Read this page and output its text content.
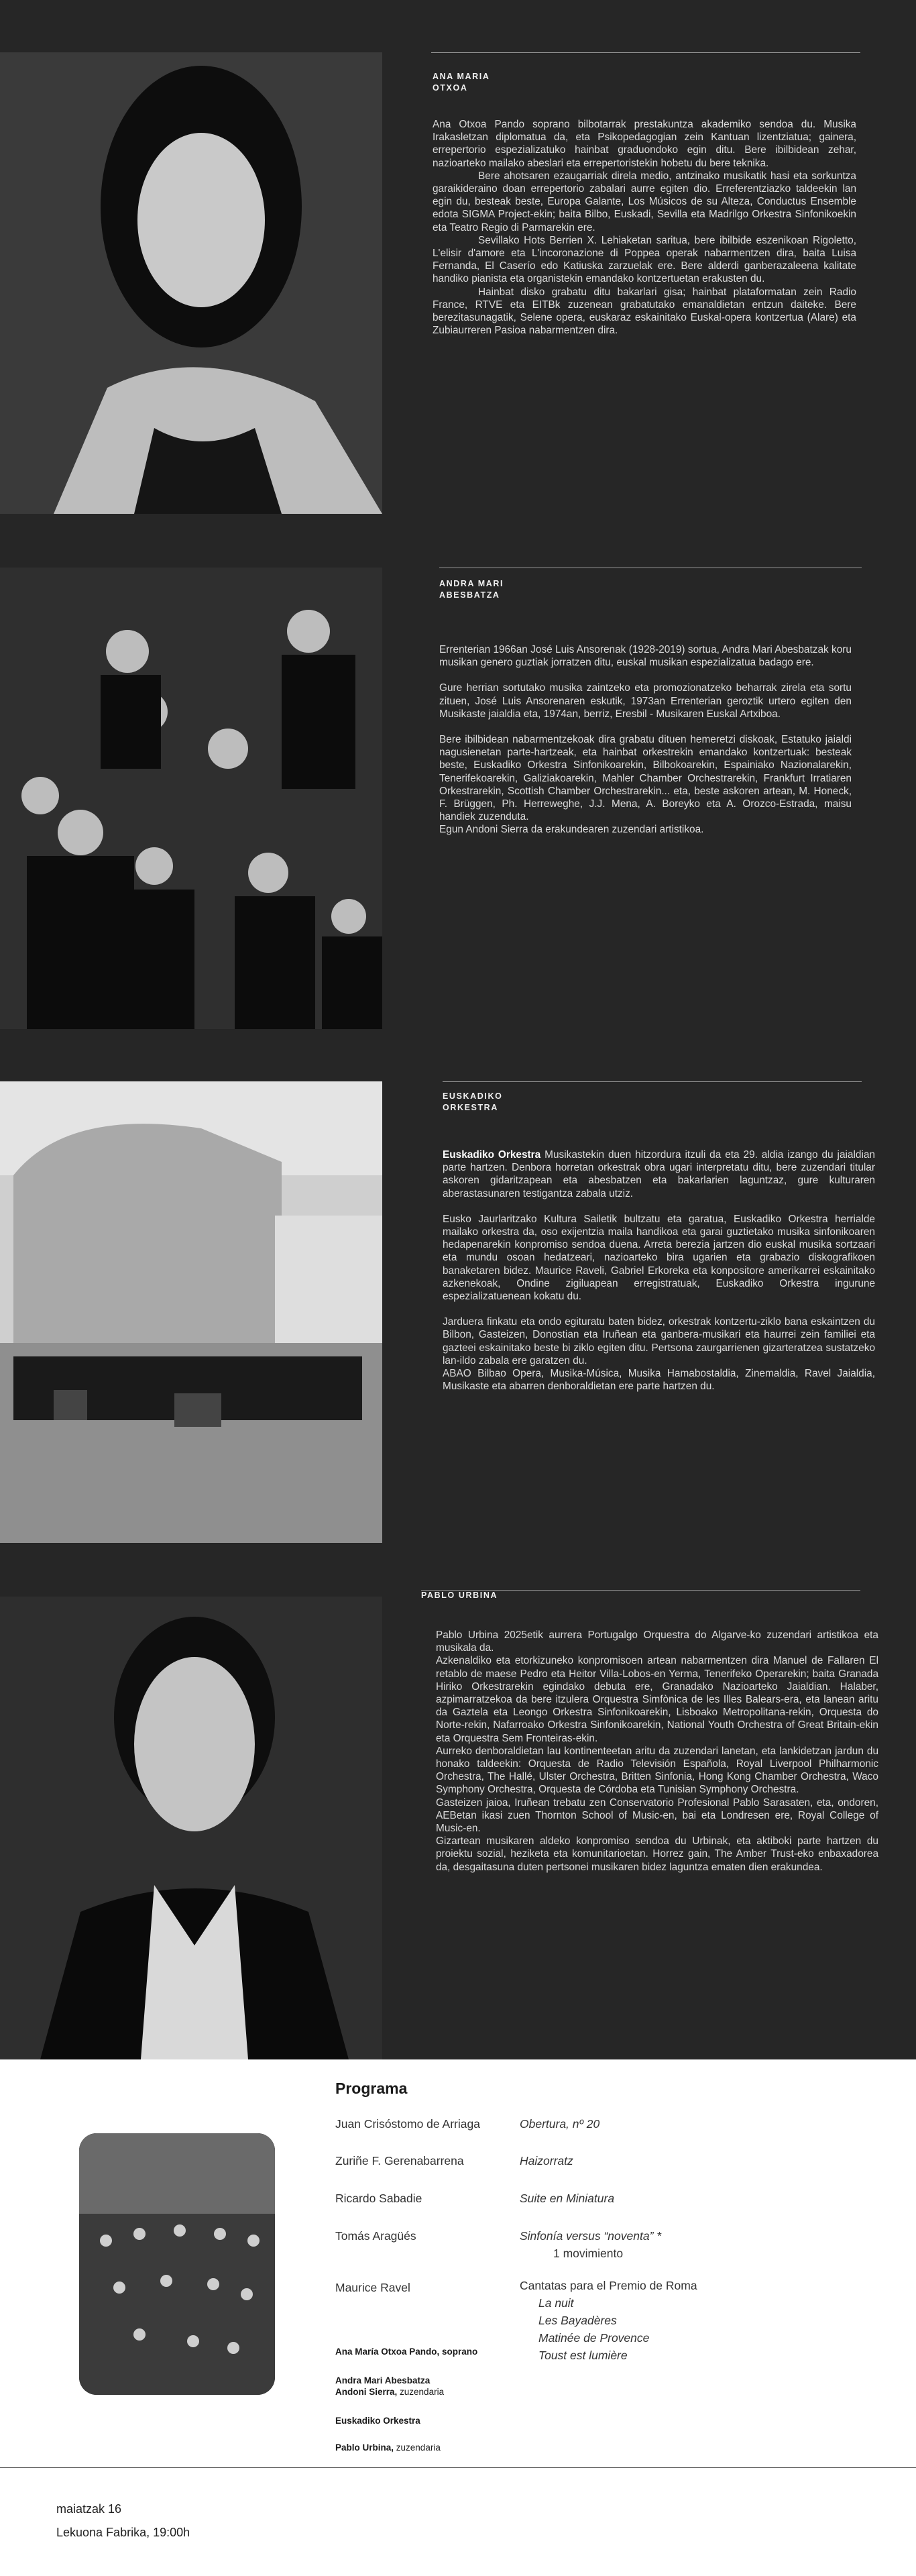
ANA MARIA
OTXOA

Ana Otxoa Pando soprano bilbotarrak prestakuntza akademiko sendoa du. Musika Irakasletzan diplomatua da, eta Psikopedagogian zein Kantuan lizentziatua; gainera, errepertorio espezializatuko hainbat graduondoko egin ditu. Bere ibilbidean zehar, nazioarteko mailako abeslari eta errepertoristekin hobetu du bere teknika.

Bere ahotsaren ezaugarriak direla medio, antzinako musikatik hasi eta sorkuntza garaikideraino doan errepertorio zabalari aurre egiten dio. Erreferentziazko taldeekin lan egin du, besteak beste, Europa Galante, Los Músicos de su Alteza, Conductus Ensemble edota SIGMA Project-ekin; baita Bilbo, Euskadi, Sevilla eta Madrilgo Orkestra Sinfonikoekin eta Teatro Regio di Parmarekin ere.

Sevillako Hots Berrien X. Lehiaketan saritua, bere ibilbide eszenikoan Rigoletto, L'elisir d'amore eta L'incoronazione di Poppea operak nabarmentzen dira, baita Luisa Fernanda, El Caserío edo Katiuska zarzuelak ere. Bere alderdi ganberazaleena kalitate handiko pianista eta organistekin emandako kontzertuetan erakusten du.

Hainbat disko grabatu ditu bakarlari gisa; hainbat plataformatan zein Radio France, RTVE eta EITBk zuzenean grabatutako emanaldietan entzun daiteke. Bere berezitasunagatik, Selene opera, euskaraz eskainitako Euskal-opera kontzertua (Alare) eta Zubiaurreren Pasioa nabarmentzen dira.

ANDRA MARI
ABESBATZA

Errenterian 1966an José Luis Ansorenak (1928-2019) sortua, Andra Mari Abesbatzak koru musikan genero guztiak jorratzen ditu, euskal musikan espezializatua badago ere.

Gure herrian sortutako musika zaintzeko eta promozionatzeko beharrak zirela eta sortu zituen, José Luis Ansorenaren eskutik, 1973an Errenterian geroztik urtero egiten den Musikaste jaialdia eta, 1974an, berriz, Eresbil - Musikaren Euskal Artxiboa.

Bere ibilbidean nabarmentzekoak dira grabatu dituen hemeretzi diskoak, Estatuko jaialdi nagusienetan parte-hartzeak, eta hainbat orkestrekin emandako kontzertuak: besteak beste, Euskadiko Orkestra Sinfonikoarekin, Bilbokoarekin, Espainiako Nazionalarekin, Tenerifekoarekin, Galiziakoarekin, Mahler Chamber Orchestrarekin, Frankfurt Irratiaren Orkestrarekin, Scottish Chamber Orchestrarekin... eta, beste askoren artean, M. Honeck, F. Brüggen, Ph. Herreweghe, J.J. Mena, A. Boreyko eta A. Orozco-Estrada, maisu handiek zuzenduta.

Egun Andoni Sierra da erakundearen zuzendari artistikoa.

EUSKADIKO
ORKESTRA

Euskadiko Orkestra Musikastekin duen hitzordura itzuli da eta 29. aldia izango du jaialdian parte hartzen. Denbora horretan orkestrak obra ugari interpretatu ditu, bere zuzendari titular askoren gidaritzapean eta abesbatzen eta bakarlarien laguntzaz, gure kulturaren aberastasunaren testigantza zabala utziz.

Eusko Jaurlaritzako Kultura Sailetik bultzatu eta garatua, Euskadiko Orkestra herrialde mailako orkestra da, oso exijentzia maila handikoa eta garai guztietako musika sinfonikoaren hedapenarekin konpromiso sendoa duena. Arreta berezia jartzen dio euskal musika sortzaari eta mundu osoan hedatzeari, nazioarteko bira ugarien eta grabazio diskografikoen banaketaren bidez. Maurice Raveli, Gabriel Erkoreka eta konpositore amerikarrei eskainitako azkenekoak, Ondine zigiluapean erregistratuak, Euskadiko Orkestra ingurune espezializatuenean kokatu du.

Jarduera finkatu eta ondo egituratu baten bidez, orkestrak kontzertu-ziklo bana eskaintzen du Bilbon, Gasteizen, Donostian eta Iruñean eta ganbera-musikari eta haurrei zein familiei eta gazteei eskainitako beste bi ziklo egiten ditu. Pertsona zaurgarrienen gizarteratzea sustatzeko lan-ildo zabala ere garatzen du.

ABAO Bilbao Opera, Musika-Música, Musika Hamabostaldia, Zinemaldia, Ravel Jaialdia, Musikaste eta abarren denboraldietan ere parte hartzen du.

PABLO URBINA

Pablo Urbina 2025etik aurrera Portugalgo Orquestra do Algarve-ko zuzendari artistikoa eta musikala da.

Azkenaldiko eta etorkizuneko konpromisoen artean nabarmentzen dira Manuel de Fallaren El retablo de maese Pedro eta Heitor Villa-Lobos-en Yerma, Tenerifeko Operarekin; baita Granada Hiriko Orkestrarekin egindako debuta ere, Granadako Nazioarteko Jaialdian. Halaber, azpimarratzekoa da bere itzulera Orquestra Simfònica de les Illes Balears-era, eta lanean aritu da Gaztela eta Leongo Orkestra Sinfonikoarekin, Lisboako Metropolitana-rekin, Orquesta do Norte-rekin, Nafarroako Orkestra Sinfonikoarekin, National Youth Orchestra of Great Britain-ekin eta Orquestra Sem Fronteiras-ekin.

Aurreko denboraldietan lau kontinenteetan aritu da zuzendari lanetan, eta lankidetzan jardun du honako taldeekin: Orquesta de Radio Televisión Española, Royal Liverpool Philharmonic Orchestra, The Hallé, Ulster Orchestra, Britten Sinfonia, Hong Kong Chamber Orchestra, Waco Symphony Orchestra, Orquesta de Córdoba eta Tunisian Symphony Orchestra.

Gasteizen jaioa, Iruñean trebatu zen Conservatorio Profesional Pablo Sarasaten, eta, ondoren, AEBetan ikasi zuen Thornton School of Music-en, bai eta Londresen ere, Royal College of Music-en.

Gizartean musikaren aldeko konpromiso sendoa du Urbinak, eta aktiboki parte hartzen du proiektu sozial, heziketa eta komunitarioetan. Horrez gain, The Amber Trust-eko enbaxadorea da, desgaitasuna duten pertsonei musikaren bidez laguntza ematen dien erakundea.

Programa
Juan Crisóstomo de Arriaga	Obertura, nº 20
Zuriñe F. Gerenabarrena	Haizorratz
Ricardo Sabadie	Suite en Miniatura
Tomás Aragüés	Sinfonía versus “noventa” *
1 movimiento
Maurice Ravel	Cantatas para el Premio de Roma
La nuit
Les Bayadères
Matinée de Provence
Toust est lumière
Ana María Otxoa Pando, soprano
Andra Mari Abesbatza
Andoni Sierra, zuzendaria
Euskadiko Orkestra
Pablo Urbina, zuzendaria
maiatzak 16
Lekuona Fabrika, 19:00h
